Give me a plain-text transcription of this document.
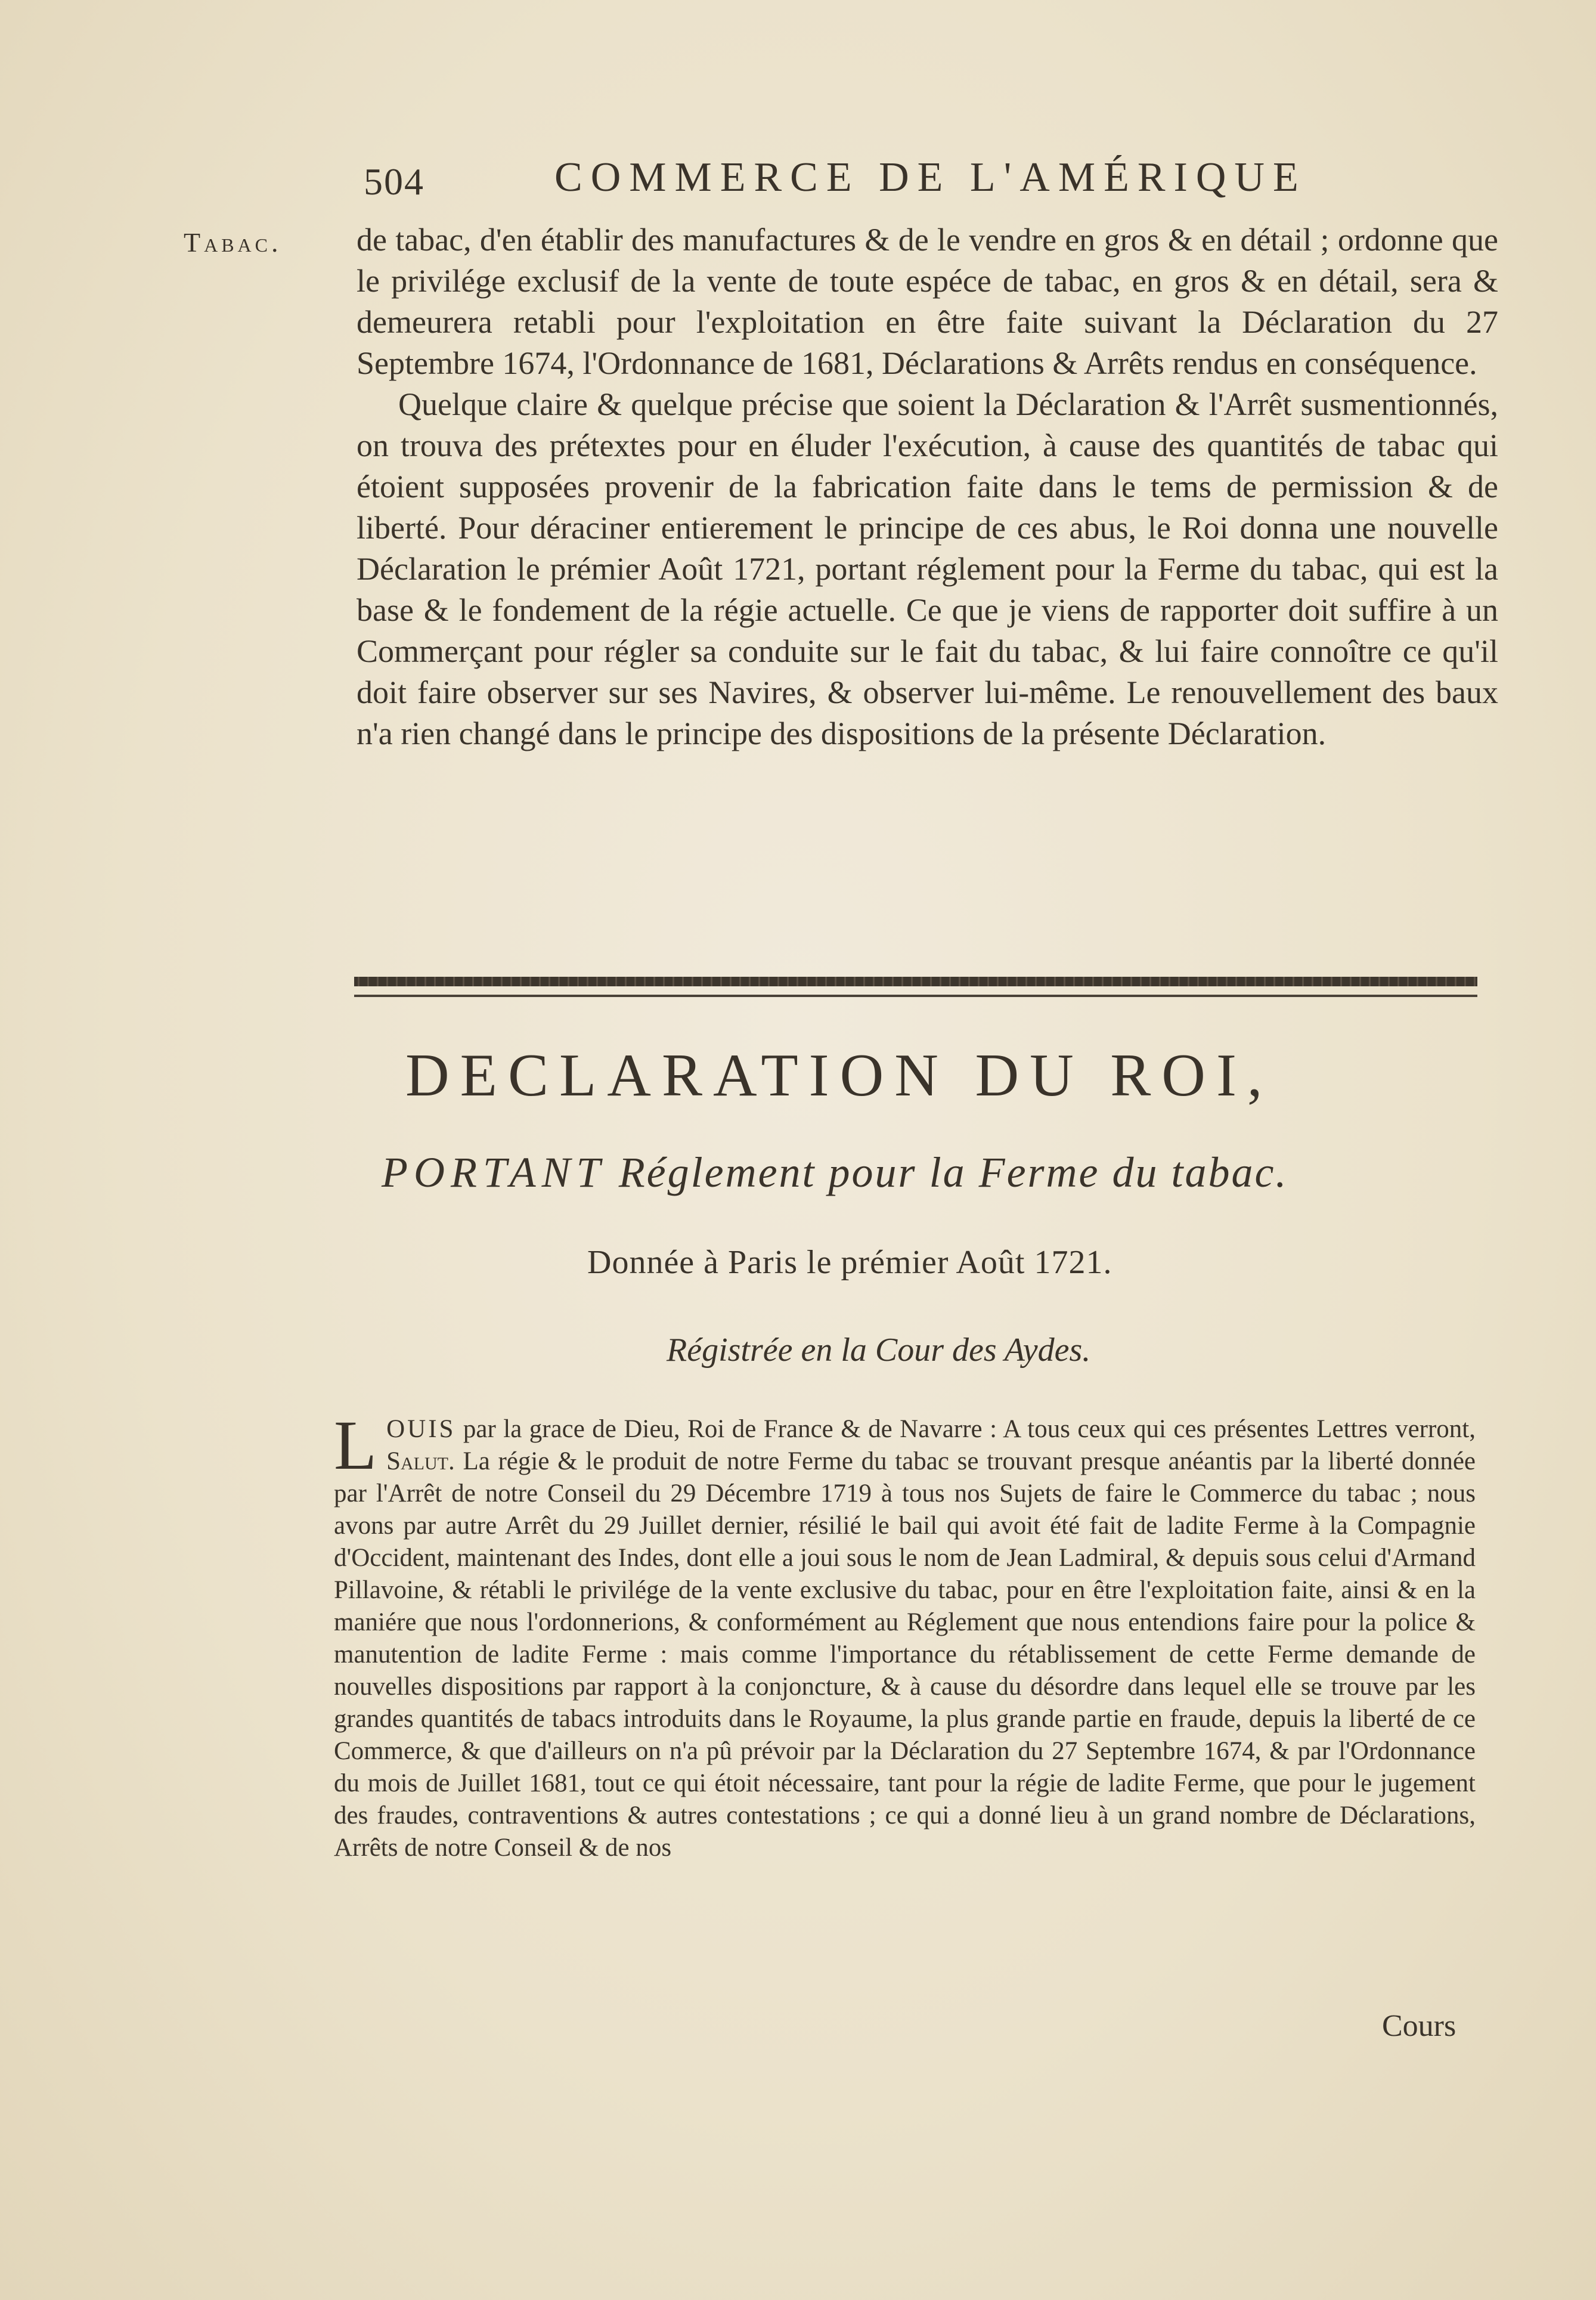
504	COMMERCE DE L'AMÉRIQUE
Tabac. de tabac, d'en établir des manufactures & de le vendre en gros & en détail ; ordonne que le privilége exclusif de la vente de toute espéce de tabac, en gros & en détail, sera & demeurera retabli pour l'exploitation en être faite suivant la Déclaration du 27 Septembre 1674, l'Ordonnance de 1681, Déclarations & Arrêts rendus en conséquence.

Quelque claire & quelque précise que soient la Déclaration & l'Arrêt susmentionnés, on trouva des prétextes pour en éluder l'exécution, à cause des quantités de tabac qui étoient supposées provenir de la fabrication faite dans le tems de permission & de liberté. Pour déraciner entierement le principe de ces abus, le Roi donna une nouvelle Déclaration le prémier Août 1721, portant réglement pour la Ferme du tabac, qui est la base & le fondement de la régie actuelle. Ce que je viens de rapporter doit suffire à un Commerçant pour régler sa conduite sur le fait du tabac, & lui faire connoître ce qu'il doit faire observer sur ses Navires, & observer lui-même. Le renouvellement des baux n'a rien changé dans le principe des dispositions de la présente Déclaration.

DECLARATION DU ROI,
PORTANT Réglement pour la Ferme du tabac.
Donnée à Paris le prémier Août 1721.
Régistrée en la Cour des Aydes.
L OUIS par la grace de Dieu, Roi de France & de Navarre : A tous ceux qui ces présentes Lettres verront, Salut. La régie & le produit de notre Ferme du tabac se trouvant presque anéantis par la liberté donnée par l'Arrêt de notre Conseil du 29 Décembre 1719 à tous nos Sujets de faire le Commerce du tabac ; nous avons par autre Arrêt du 29 Juillet dernier, résilié le bail qui avoit été fait de ladite Ferme à la Compagnie d'Occident, maintenant des Indes, dont elle a joui sous le nom de Jean Ladmiral, & depuis sous celui d'Armand Pillavoine, & rétabli le privilége de la vente exclusive du tabac, pour en être l'exploitation faite, ainsi & en la maniére que nous l'ordonnerions, & conformément au Réglement que nous entendions faire pour la police & manutention de ladite Ferme : mais comme l'importance du rétablissement de cette Ferme demande de nouvelles dispositions par rapport à la conjoncture, & à cause du désordre dans lequel elle se trouve par les grandes quantités de tabacs introduits dans le Royaume, la plus grande partie en fraude, depuis la liberté de ce Commerce, & que d'ailleurs on n'a pû prévoir par la Déclaration du 27 Septembre 1674, & par l'Ordonnance du mois de Juillet 1681, tout ce qui étoit nécessaire, tant pour la régie de ladite Ferme, que pour le jugement des fraudes, contraventions & autres contestations ; ce qui a donné lieu à un grand nombre de Déclarations, Arrêts de notre Conseil & de nos
Cours
